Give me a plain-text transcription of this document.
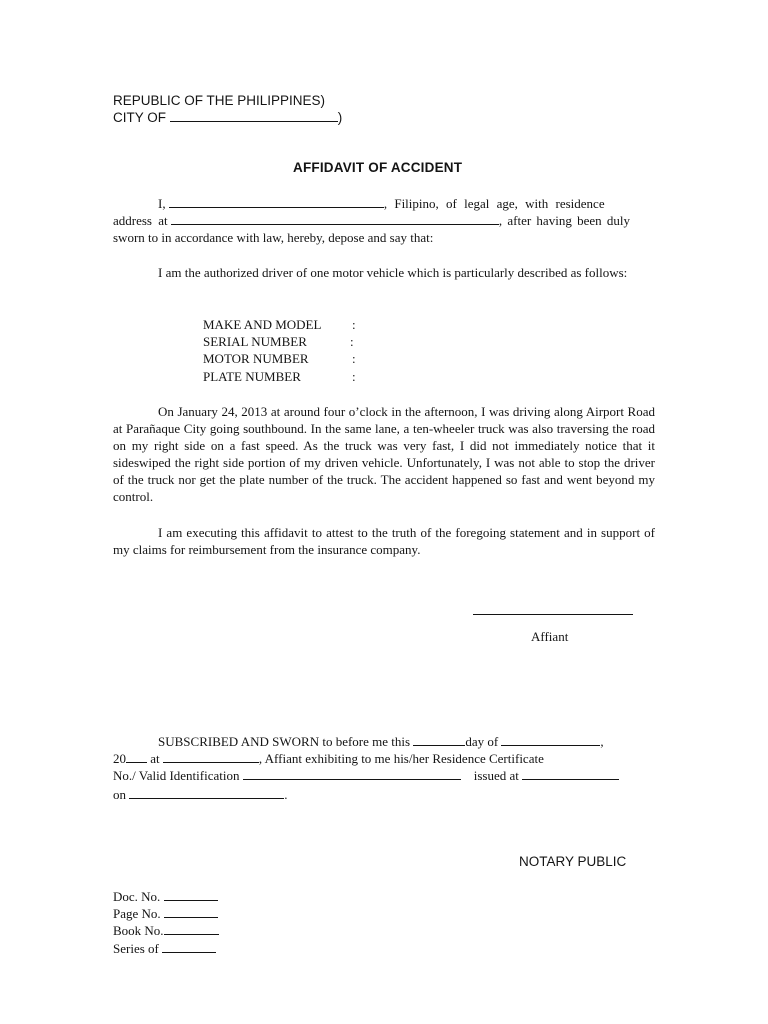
REPUBLIC OF THE PHILIPPINES)
CITY OF	)
AFFIDAVIT OF ACCIDENT
I,	, Filipino, of legal age, with residence
address at	, after having been duly
sworn to in accordance with law, hereby, depose and say that:
I am the authorized driver of one motor vehicle which is particularly described as follows:
MAKE AND MODEL :
SERIAL NUMBER	:
MOTOR NUMBER	:
PLATE NUMBER	:
On January 24, 2013 at around four o’clock in the afternoon, I was driving along Airport Road at Parañaque City going southbound. In the same lane, a ten-wheeler truck was also traversing the road on my right side on a fast speed. As the truck was very fast, I did not immediately notice that it sideswiped the right side portion of my driven vehicle. Unfortunately, I was not able to stop the driver of the truck nor get the plate number of the truck. The accident happened so fast and went beyond my control.
I am executing this affidavit to attest to the truth of the foregoing statement and in support of my claims for reimbursement from the insurance company.
Affiant
SUBSCRIBED AND SWORN to before me this	day of	,
20 at	, Affiant exhibiting to me his/her Residence Certificate
No./ Valid Identification	issued at
on	.
NOTARY PUBLIC
Doc. No.
Page No.
Book No.
Series of
